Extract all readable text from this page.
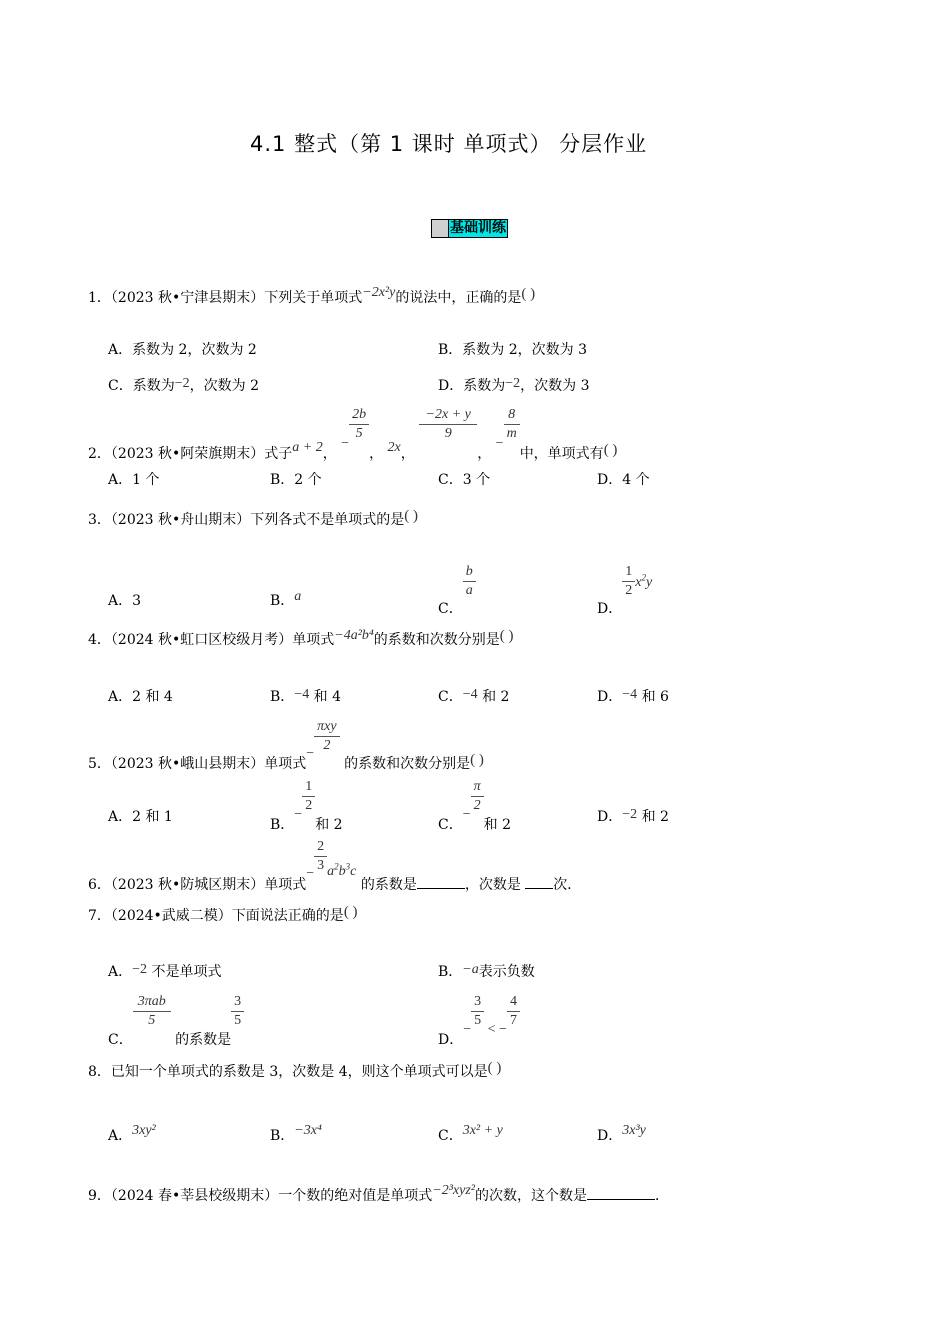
4.1 整式（第 1 课时 单项式） 分层作业
基础训练
1．（2023 秋•宁津县期末）下列关于单项式−2x²y的说法中，正确的是( )
A．系数为 2，次数为 2	B．系数为 2，次数为 3
C．系数为−2，次数为 2	D．系数为−2，次数为 3
2．（2023 秋•阿荣旗期末）式子a + 2， − $\frac{2b}{5}$
， 2x，
$\frac{-2x + y}{9}$
， − $\frac{8}{m}$
中，单项式有( )
A．1 个	B．2 个	C．3 个	D．4 个
3．（2023 秋•舟山期末）下列各式不是单项式的是( )
A．3	B．a
C．
$\frac{b}{a}$
D．
$\frac{1}{2} x^2y$
4．（2024 秋•虹口区校级月考）单项式−4a²b⁴的系数和次数分别是( )
A．2 和 4	B．−4 和 4	C．−4 和 2	D．−4 和 6
5．（2023 秋•峨山县期末）单项式− $\frac{\text{πxy}}{2}$
的系数和次数分别是( )
A．2 和 1	B．− $\frac{1}{2}$
和 2	C．− $\frac{\pi}{2}$
和 2	D．−2 和 2
6．（2023 秋•防城区期末）单项式− $\frac{2}{3} a^2b^3c$ 的系数是	，次数是 次．
7．（2024•武威二模）下面说法正确的是( )
A．−2 不是单项式	B．−a表示负数
C．
$\frac{\text{3πab}}{5}$
的系数是
$\frac{3}{5}$
D．− $\frac{3}{5}$ < − $\frac{4}{7}$
8．已知一个单项式的系数是 3，次数是 4，则这个单项式可以是( )
A．3xy²	B．−3x⁴	C．3x² + y	D．3x³y
9．（2024 春•莘县校级期末）一个数的绝对值是单项式−2³xyz²的次数，这个数是	．
